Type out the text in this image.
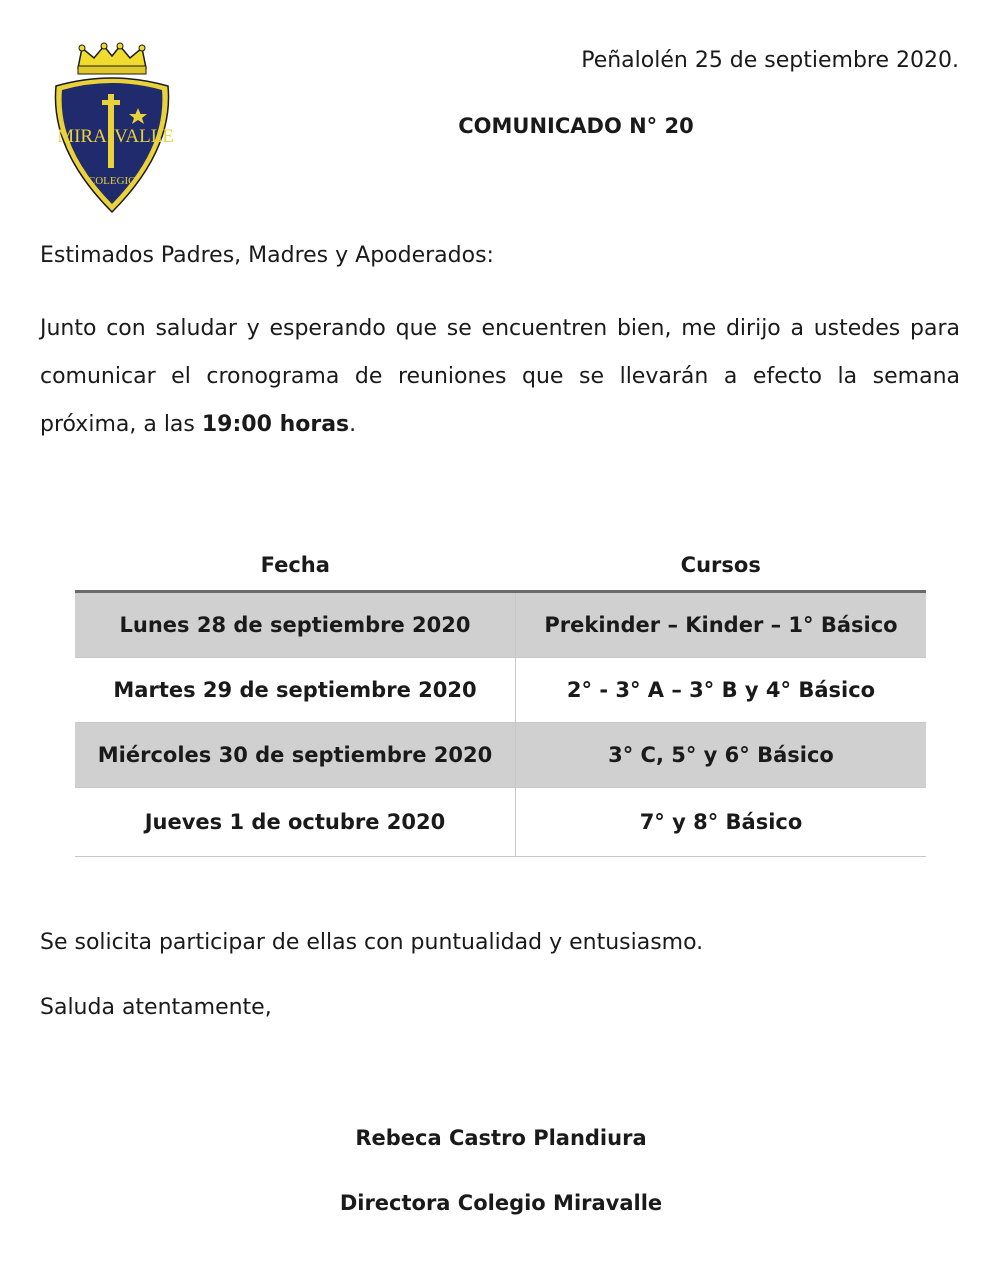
MIRA VALLE
COLEGIO
Peñalolén 25 de septiembre 2020.
COMUNICADO N° 20
Estimados Padres, Madres y Apoderados:
Junto con saludar y esperando que se encuentren bien, me dirijo a ustedes para comunicar el cronograma de reuniones que se llevarán a efecto la semana próxima, a las 19:00 horas.
Fecha	Cursos
Lunes 28 de septiembre 2020	Prekinder – Kinder – 1° Básico
Martes 29 de septiembre 2020	2° - 3° A – 3° B y 4° Básico
Miércoles 30 de septiembre 2020	3° C, 5° y 6° Básico
Jueves 1 de octubre 2020	7° y 8° Básico
Se solicita participar de ellas con puntualidad y entusiasmo.
Saluda atentamente,
Rebeca Castro Plandiura
Directora Colegio Miravalle
